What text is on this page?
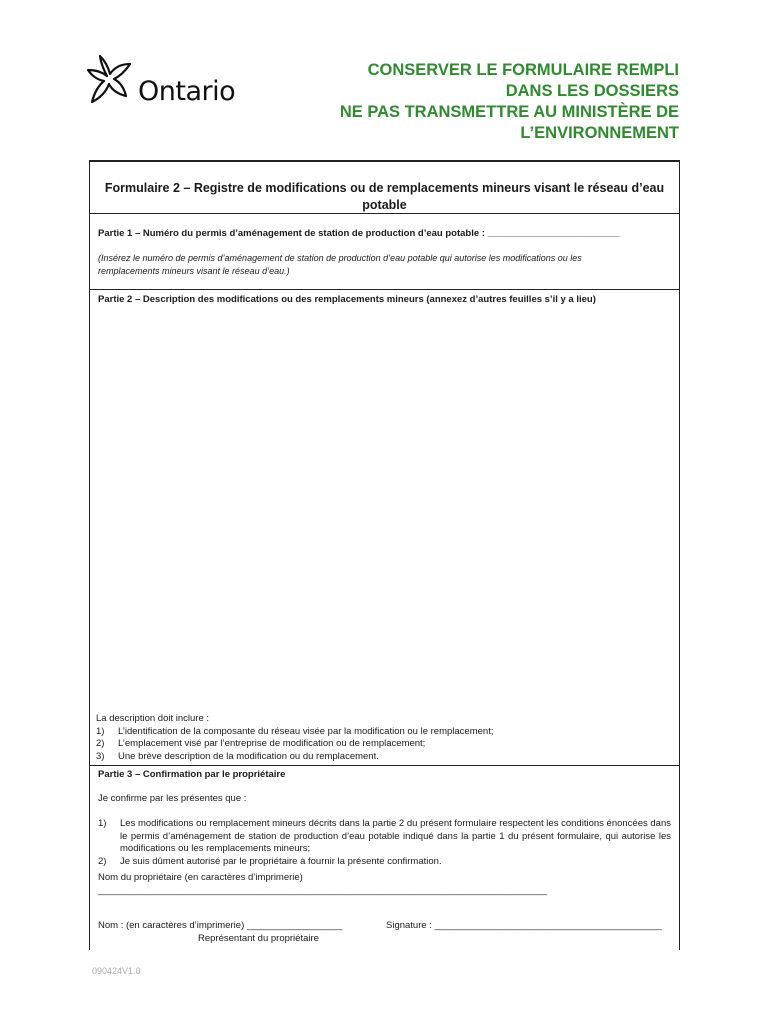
Ontario
CONSERVER LE FORMULAIRE REMPLI
DANS LES DOSSIERS
NE PAS TRANSMETTRE AU MINISTÈRE DE
L’ENVIRONNEMENT
Formulaire 2 – Registre de modifications ou de remplacements mineurs visant le réseau d’eau
potable
Partie 1 – Numéro du permis d’aménagement de station de production d’eau potable : _________________________
(Insérez le numéro de permis d’aménagement de station de production d’eau potable qui autorise les modifications ou les
remplacements mineurs visant le réseau d’eau.)
Partie 2 – Description des modifications ou des remplacements mineurs (annexez d’autres feuilles s’il y a lieu)
La description doit inclure :
1)	L’identification de la composante du réseau visée par la modification ou le remplacement;
2)	L’emplacement visé par l’entreprise de modification ou de remplacement;
3)	Une brève description de la modification ou du remplacement.
Partie 3 – Confirmation par le propriétaire
Je confirme par les présentes que :
1)	Les modifications ou remplacement mineurs décrits dans la partie 2 du présent formulaire respectent les conditions énoncées dans le permis d’aménagement de station de production d’eau potable indiqué dans la partie 1 du présent formulaire, qui autorise les modifications ou les remplacements mineurs;
2)	Je suis dûment autorisé par le propriétaire à fournir la présente confirmation.
Nom du propriétaire (en caractères d’imprimerie)
_____________________________________________________________________________________
Nom : (en caractères d’imprimerie) __________________	Signature : ___________________________________________
Représentant du propriétaire
090424V1.0
